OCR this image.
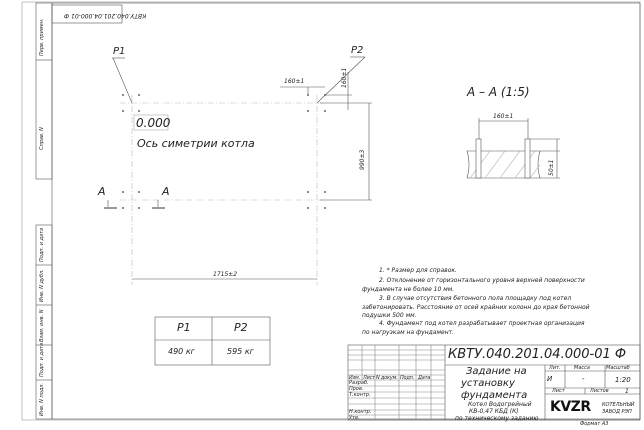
КВТУ.040.201.04.000-01 Ф
Перв. примен.
Справ. N
Подп. и дата
Инв. N дубл.
Взам. инв. N
Подп. и дата
Инв. N подл.
P1	P2
0.000
Ось симетрии котла
А	А
1715±2
990±3
160±1	160±1
А – А (1:5)
160±1
50±1
1. * Размер для справок.
2. Отклонение от горизонтального уровня верхней поверхности
фундамента не более 10 мм.
3. В случае отсутствия бетонного пола площадку под котел
забетонировать. Расстояние от осей крайних колонн до края бетонной
подушки 500 мм.
4. Фундамент под котел разрабатывает проектная организация
по нагрузкам на фундамент.
P1	P2
490 кг	595 кг	КВТУ.040.201.04.000-01 Ф
Изм. Лист N докум. Подп. Дата
Разраб.
Пров.
Т.контр.
Н.контр.
Утв.
Задание на
установку
фундамента
Котел Водогрейный
КВ-0,47 КБД (К)
по техническому заданию
Лит.	Масса	Масштаб
И	-	1:20
Лист	Листов	1
KVZR КОТЕЛЬНЫЙ
ЗАВОД РЭП
Формат А3
